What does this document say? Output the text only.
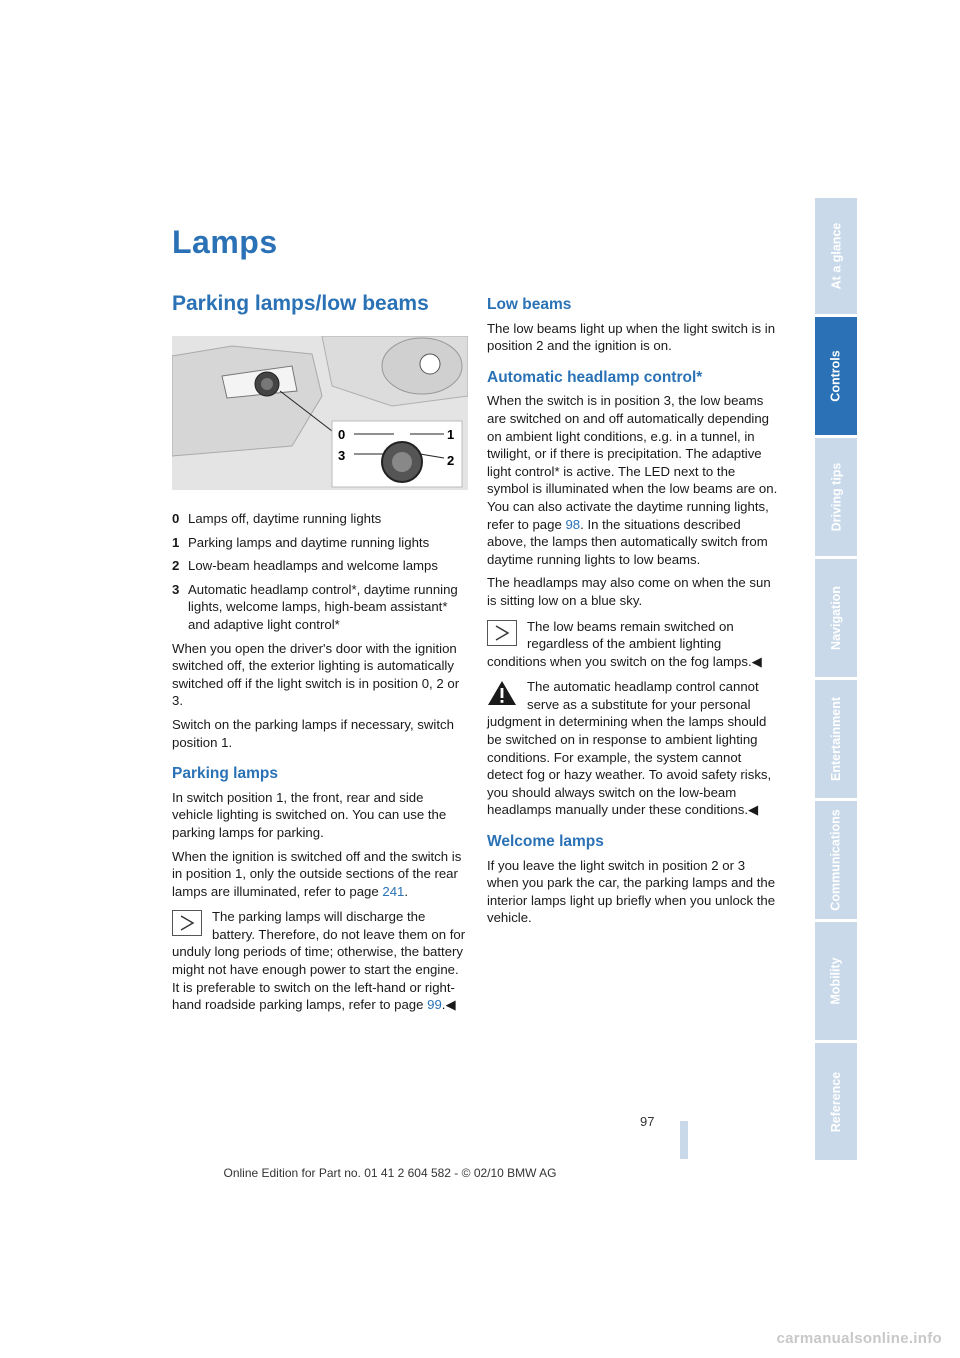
Lamps
Parking lamps/low beams
0	1
3	2
0 Lamps off, daytime running lights
1 Parking lamps and daytime running lights
2 Low-beam headlamps and welcome lamps
3 Automatic headlamp control*, daytime running lights, welcome lamps, high-beam assistant* and adaptive light control*

When you open the driver's door with the ignition switched off, the exterior lighting is automatically switched off if the light switch is in position 0, 2 or 3.

Switch on the parking lamps if necessary, switch position 1.

Parking lamps

In switch position 1, the front, rear and side vehicle lighting is switched on. You can use the parking lamps for parking.

When the ignition is switched off and the switch is in position 1, only the outside sections of the rear lamps are illuminated, refer to page 241.

The parking lamps will discharge the battery. Therefore, do not leave them on for unduly long periods of time; otherwise, the battery might not have enough power to start the engine. It is preferable to switch on the left-hand or right-hand roadside parking lamps, refer to page 99.◀
Low beams

The low beams light up when the light switch is in position 2 and the ignition is on.

Automatic headlamp control*

When the switch is in position 3, the low beams are switched on and off automatically depending on ambient light conditions, e.g. in a tunnel, in twilight, or if there is precipitation. The adaptive light control* is active. The LED next to the symbol is illuminated when the low beams are on. You can also activate the daytime running lights, refer to page 98. In the situations described above, the lamps then automatically switch from daytime running lights to low beams.

The headlamps may also come on when the sun is sitting low on a blue sky.

The low beams remain switched on regardless of the ambient lighting conditions when you switch on the fog lamps.◀
The automatic headlamp control cannot serve as a substitute for your personal judgment in determining when the lamps should be switched on in response to ambient lighting conditions. For example, the system cannot detect fog or hazy weather. To avoid safety risks, you should always switch on the low-beam headlamps manually under these conditions.◀
Welcome lamps

If you leave the light switch in position 2 or 3 when you park the car, the parking lamps and the interior lamps light up briefly when you unlock the vehicle.

At a glance
Controls
Driving tips
Navigation
Entertainment
Communications
Mobility
Reference
97
Online Edition for Part no. 01 41 2 604 582 - © 02/10 BMW AG
carmanualsonline.info
